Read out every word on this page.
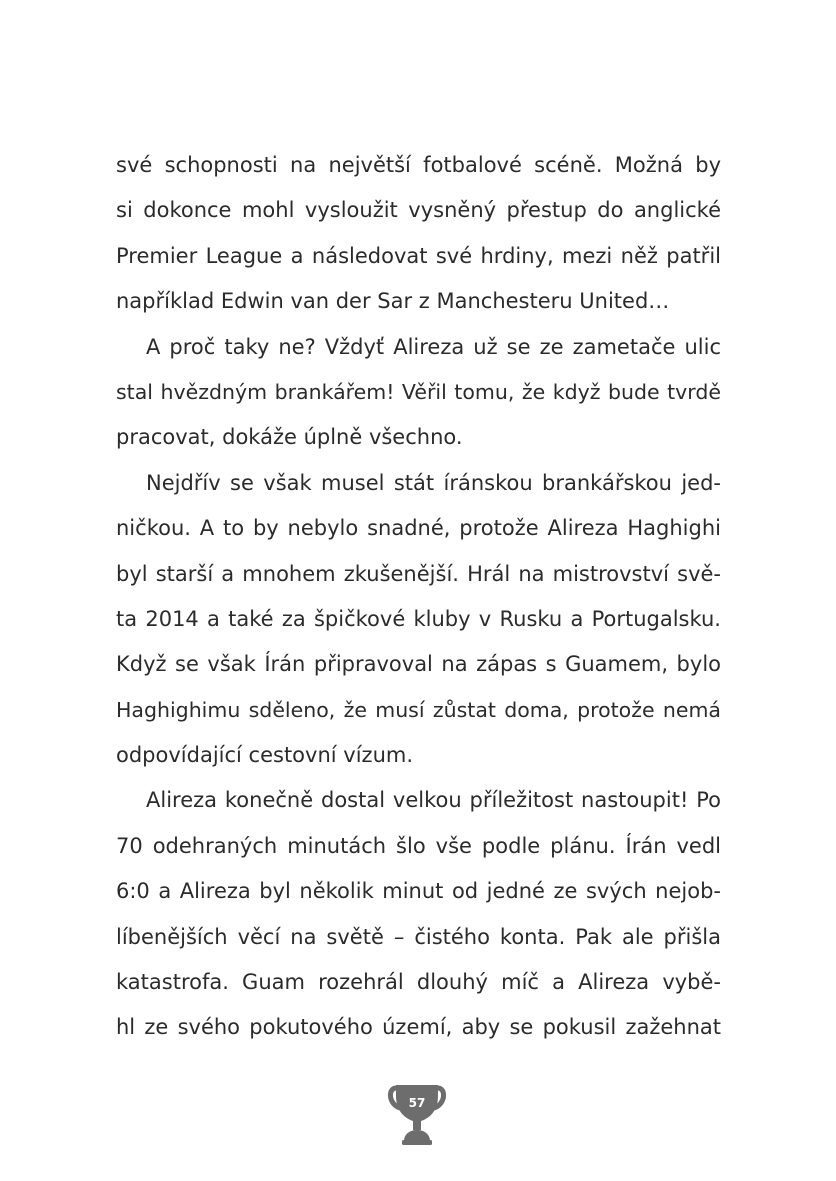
své schopnosti na největší fotbalové scéně. Možná by
si dokonce mohl vysloužit vysněný přestup do anglické
Premier League a následovat své hrdiny, mezi něž patřil
například Edwin van der Sar z Manchesteru United…
A proč taky ne? Vždyť Alireza už se ze zametače ulic
stal hvězdným brankářem! Věřil tomu, že když bude tvrdě
pracovat, dokáže úplně všechno.
Nejdřív se však musel stát íránskou brankářskou jed-
ničkou. A to by nebylo snadné, protože Alireza Haghighi
byl starší a mnohem zkušenější. Hrál na mistrovství svě-
ta 2014 a také za špičkové kluby v Rusku a Portugalsku.
Když se však Írán připravoval na zápas s Guamem, bylo
Haghighimu sděleno, že musí zůstat doma, protože nemá
odpovídající cestovní vízum.
Alireza konečně dostal velkou příležitost nastoupit! Po
70 odehraných minutách šlo vše podle plánu. Írán vedl
6:0 a Alireza byl několik minut od jedné ze svých nejob-
líbenějších věcí na světě – čistého konta. Pak ale přišla
katastrofa. Guam rozehrál dlouhý míč a Alireza vybě-
hl ze svého pokutového území, aby se pokusil zažehnat
57
